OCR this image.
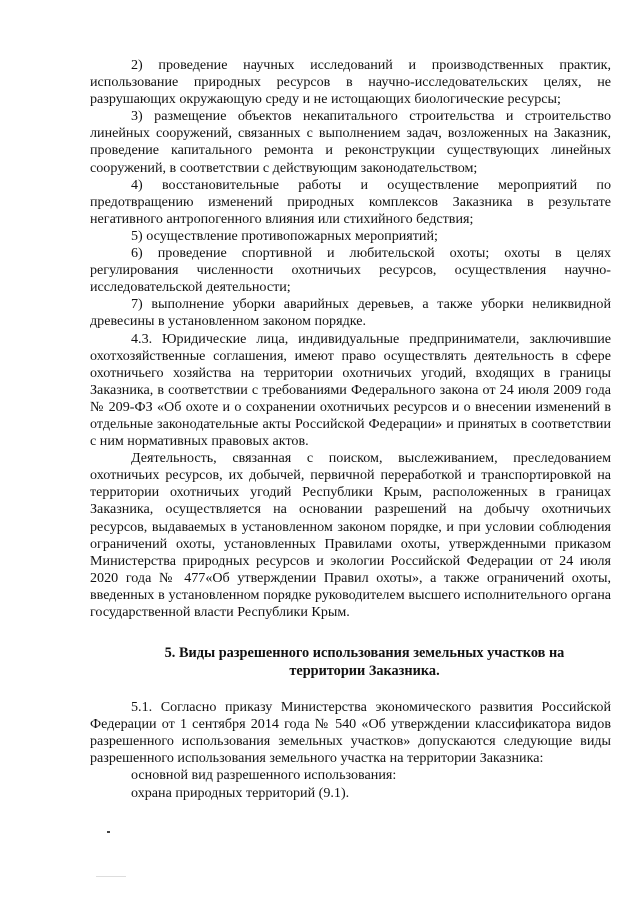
2) проведение научных исследований и производственных практик, использование природных ресурсов в научно-исследовательских целях, не разрушающих окружающую среду и не истощающих биологические ресурсы;

3) размещение объектов некапитального строительства и строительство линейных сооружений, связанных с выполнением задач, возложенных на Заказник, проведение капитального ремонта и реконструкции существующих линейных сооружений, в соответствии с действующим законодательством;

4) восстановительные работы и осуществление мероприятий по предотвращению изменений природных комплексов Заказника в результате негативного антропогенного влияния или стихийного бедствия;

5) осуществление противопожарных мероприятий;

6) проведение спортивной и любительской охоты; охоты в целях регулирования численности охотничьих ресурсов, осуществления научно-исследовательской деятельности;

7) выполнение уборки аварийных деревьев, а также уборки неликвидной древесины в установленном законом порядке.

4.3. Юридические лица, индивидуальные предприниматели, заключившие охотхозяйственные соглашения, имеют право осуществлять деятельность в сфере охотничьего хозяйства на территории охотничьих угодий, входящих в границы Заказника, в соответствии с требованиями Федерального закона от 24 июля 2009 года № 209-ФЗ «Об охоте и о сохранении охотничьих ресурсов и о внесении изменений в отдельные законодательные акты Российской Федерации» и принятых в соответствии с ним нормативных правовых актов.

Деятельность, связанная с поиском, выслеживанием, преследованием охотничьих ресурсов, их добычей, первичной переработкой и транспортировкой на территории охотничьих угодий Республики Крым, расположенных в границах Заказника, осуществляется на основании разрешений на добычу охотничьих ресурсов, выдаваемых в установленном законом порядке, и при условии соблюдения ограничений охоты, установленных Правилами охоты, утвержденными приказом Министерства природных ресурсов и экологии Российской Федерации от 24 июля 2020 года № 477«Об утверждении Правил охоты», а также ограничений охоты, введенных в установленном порядке руководителем высшего исполнительного органа государственной власти Республики Крым.

5. Виды разрешенного использования земельных участков на
территории Заказника.

5.1. Согласно приказу Министерства экономического развития Российской Федерации от 1 сентября 2014 года № 540 «Об утверждении классификатора видов разрешенного использования земельных участков» допускаются следующие виды разрешенного использования земельного участка на территории Заказника:

основной вид разрешенного использования:

охрана природных территорий (9.1).
